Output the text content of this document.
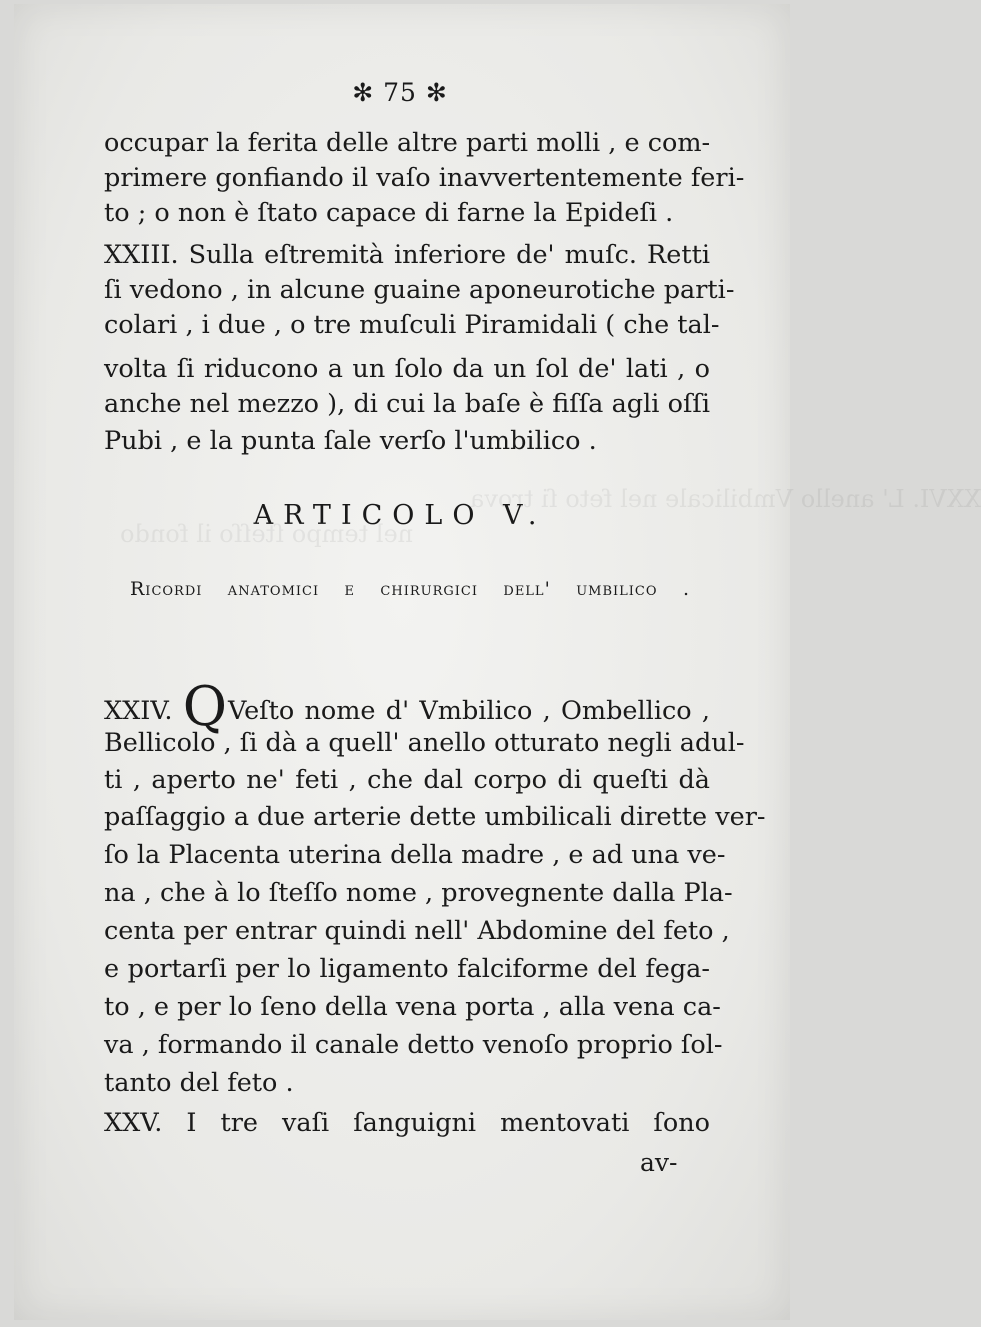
XXVI. L' anello Vmbilicale nel feto ſi trova
nel tempo ſteſſo il fondo
✻ 75 ✻
occupar la ferita delle altre parti molli , e com-
primere gonfiando il vaſo inavvertentemente feri-
to ; o non è ſtato capace di farne la Epideſi .
XXIII. Sulla eſtremità inferiore de' muſc. Retti
ſi vedono , in alcune guaine aponeurotiche parti-
colari , i due , o tre muſculi Piramidali ( che tal-
volta ſi riducono a un ſolo da un ſol de' lati , o
anche nel mezzo ), di cui la baſe è fiſſa agli oſſi
Pubi , e la punta ſale verſo l'umbilico .
ARTICOLO V.
Ricordi anatomici e chirurgici dell' umbilico .
XXIV. QVeſto nome d' Vmbilico , Ombellico ,
Bellicolo , ſi dà a quell' anello otturato negli adul-
ti , aperto ne' feti , che dal corpo di queſti dà
paſſaggio a due arterie dette umbilicali dirette ver-
ſo la Placenta uterina della madre , e ad una ve-
na , che à lo ſteſſo nome , provegnente dalla Pla-
centa per entrar quindi nell' Abdomine del feto ,
e portarſi per lo ligamento falciforme del fega-
to , e per lo ſeno della vena porta , alla vena ca-
va , formando il canale detto venoſo proprio ſol-
tanto del feto .
XXV. I tre vaſi ſanguigni mentovati ſono
av-
